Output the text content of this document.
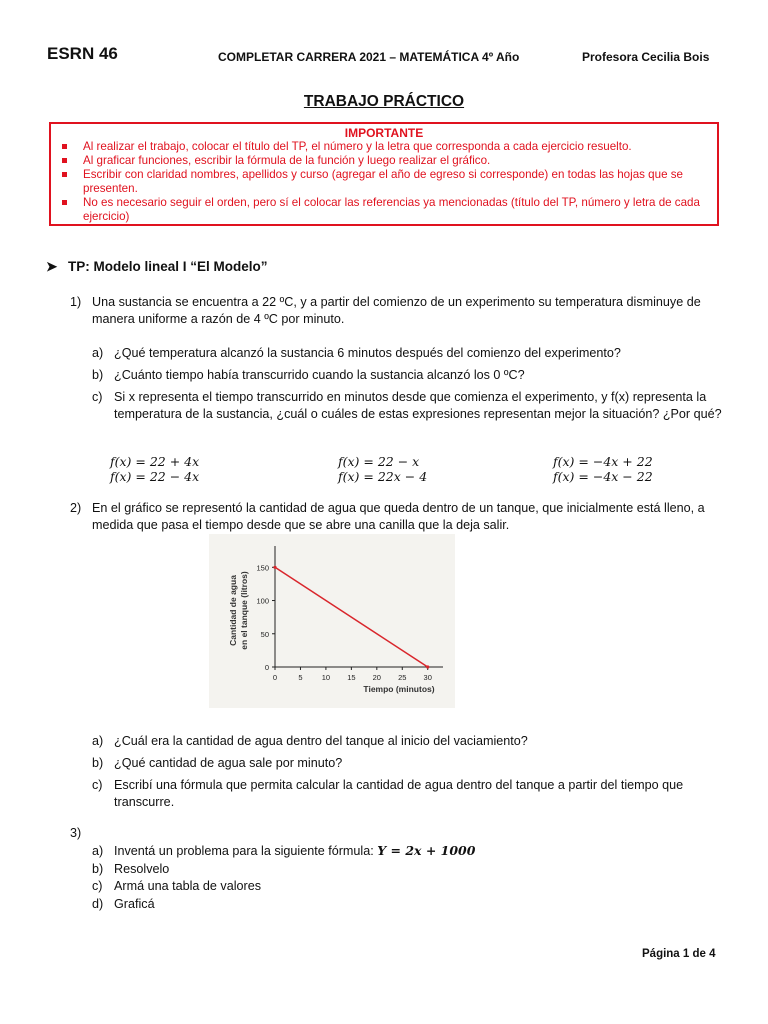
ESRN 46	COMPLETAR CARRERA 2021 – MATEMÁTICA 4º Año	Profesora Cecilia Bois
TRABAJO PRÁCTICO
IMPORTANTE
Al realizar el trabajo, colocar el título del TP, el número y la letra que corresponda a cada ejercicio resuelto.
Al graficar funciones, escribir la fórmula de la función y luego realizar el gráfico.
Escribir con claridad nombres, apellidos y curso (agregar el año de egreso si corresponde) en todas las hojas que se presenten.
No es necesario seguir el orden, pero sí el colocar las referencias ya mencionadas (título del TP, número y letra de cada ejercicio)
➤ TP: Modelo lineal I “El Modelo”
1) Una sustancia se encuentra a 22 ºC, y a partir del comienzo de un experimento su temperatura disminuye de manera uniforme a razón de 4 ºC por minuto.
a) ¿Qué temperatura alcanzó la sustancia 6 minutos después del comienzo del experimento?
b) ¿Cuánto tiempo había transcurrido cuando la sustancia alcanzó los 0 ºC?
c) Si x representa el tiempo transcurrido en minutos desde que comienza el experimento, y f(x) representa la temperatura de la sustancia, ¿cuál o cuáles de estas expresiones representan mejor la situación? ¿Por qué?
f(x) = 22 + 4x	f(x) = 22 − x	f(x) = −4x + 22
f(x) = 22 − 4x	f(x) = 22x − 4	f(x) = −4x − 22
2) En el gráfico se representó la cantidad de agua que queda dentro de un tanque, que inicialmente está lleno, a medida que pasa el tiempo desde que se abre una canilla que la deja salir.
0
50
100
150
0	5	10 15 20 25 30
Tiempo (minutos)
Cantidad de agua en el tanque (litros)
a) ¿Cuál era la cantidad de agua dentro del tanque al inicio del vaciamiento?
b) ¿Qué cantidad de agua sale por minuto?
c) Escribí una fórmula que permita calcular la cantidad de agua dentro del tanque a partir del tiempo que transcurre.
3)
a) Inventá un problema para la siguiente fórmula: Y = 2x + 1000
b) Resolvelo
c) Armá una tabla de valores
d) Graficá
Página 1 de 4
